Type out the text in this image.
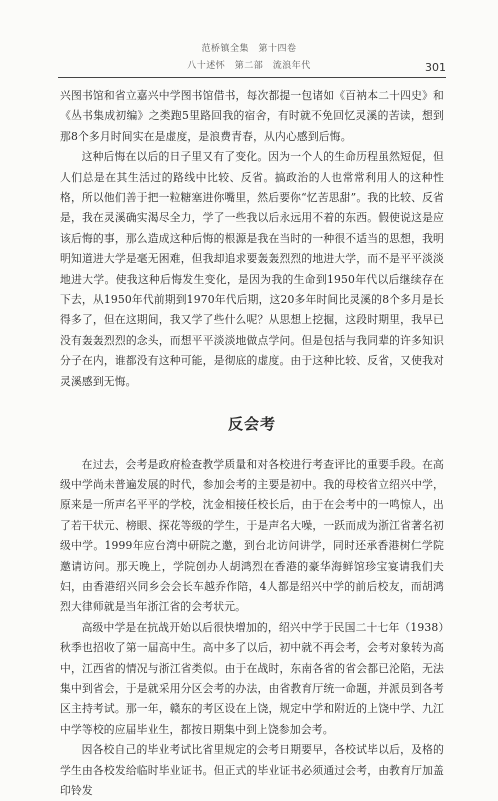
范桥镇全集　第十四卷
八十述怀　第二部　流浪年代	301

兴图书馆和省立嘉兴中学图书馆借书，每次都提一包诸如《百衲本二十四史》和《丛书集成初编》之类跑5里路回我的宿舍，有时就不免回忆灵溪的苦读，想到那8个多月时间实在是虚度，是浪费青春，从内心感到后悔。

这种后悔在以后的日子里又有了变化。因为一个人的生命历程虽然短促，但人们总是在其生活过的路线中比较、反省。搞政治的人也常常利用人的这种性格，所以他们善于把一粒糖塞进你嘴里，然后要你“忆苦思甜”。我的比较、反省是，我在灵溪确实渴尽全力，学了一些我以后永远用不着的东西。假使说这是应该后悔的事，那么造成这种后悔的根源是我在当时的一种很不适当的思想，我明明知道进大学是毫无困难，但我却追求要轰轰烈烈的地进大学，而不是平平淡淡地进大学。使我这种后悔发生变化，是因为我的生命到1950年代以后继续存在下去，从1950年代前期到1970年代后期，这20多年时间比灵溪的8个多月是长得多了，但在这期间，我又学了些什么呢？从思想上挖掘，这段时期里，我早已没有轰轰烈烈的念头，而想平平淡淡地做点学问。但是包括与我同辈的许多知识分子在内，谁都没有这种可能，是彻底的虚度。由于这种比较、反省，又使我对灵溪感到无悔。

反会考

在过去，会考是政府检查教学质量和对各校进行考查评比的重要手段。在高级中学尚未普遍发展的时代，参加会考的主要是初中。我的母校省立绍兴中学，原来是一所声名平平的学校，沈金相接任校长后，由于在会考中的一鸣惊人，出了若干状元、榜眼、探花等级的学生，于是声名大噪，一跃而成为浙江省著名初级中学。1999年应台湾中研院之邀，到台北访问讲学，同时还承香港树仁学院邀请访问。那天晚上，学院创办人胡鸿烈在香港的豪华海鲜馆珍宝宴请我们夫妇，由香港绍兴同乡会会长车越乔作陪，4人都是绍兴中学的前后校友，而胡鸿烈大律师就是当年浙江省的会考状元。

高级中学是在抗战开始以后很快增加的，绍兴中学于民国二十七年（1938）秋季也招收了第一届高中生。高中多了以后，初中就不再会考，会考对象转为高中，江西省的情况与浙江省类似。由于在战时，东南各省的省会都已沦陷，无法集中到省会，于是就采用分区会考的办法，由省教育厅统一命题，并派员到各考区主持考试。那一年，赣东的考区设在上饶，规定中学和附近的上饶中学、九江中学等校的应届毕业生，都按日期集中到上饶参加会考。

因各校自己的毕业考试比省里规定的会考日期要早，各校试毕以后，及格的学生由各校发给临时毕业证书。但正式的毕业证书必须通过会考，由教育厅加盖印铃发
